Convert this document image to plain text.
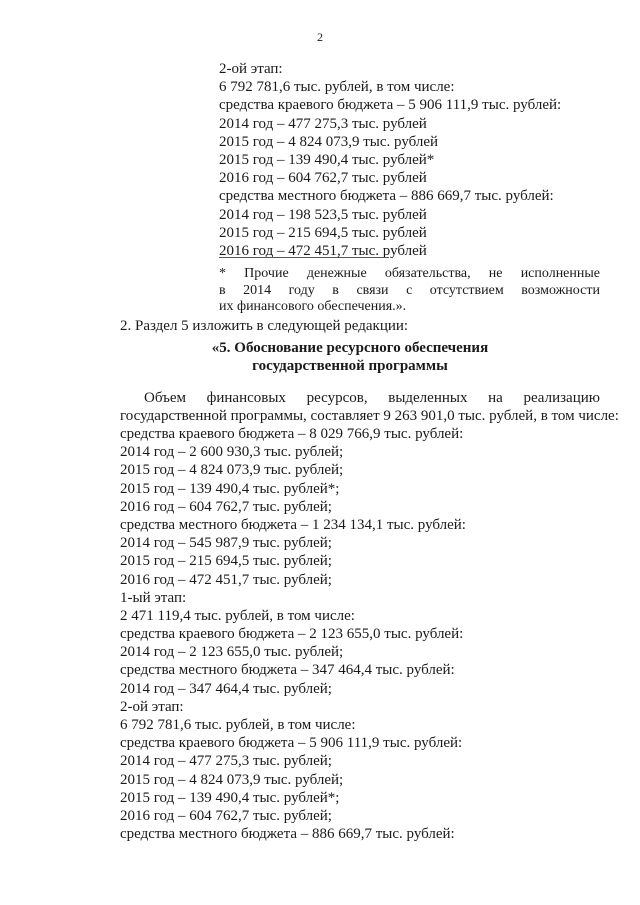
2
2-ой этап:
6 792 781,6 тыс. рублей, в том числе:
средства краевого бюджета – 5 906 111,9 тыс. рублей:
2014 год – 477 275,3 тыс. рублей
2015 год – 4 824 073,9 тыс. рублей
2015 год – 139 490,4 тыс. рублей*
2016 год – 604 762,7 тыс. рублей
средства местного бюджета – 886 669,7 тыс. рублей:
2014 год – 198 523,5 тыс. рублей
2015 год – 215 694,5 тыс. рублей
2016 год – 472 451,7 тыс. рублей
* Прочие денежные обязательства, не исполненные
в 2014 году в связи с отсутствием возможности
их финансового обеспечения.».
2. Раздел 5 изложить в следующей редакции:
«5. Обоснование ресурсного обеспечения
государственной программы
Объем финансовых ресурсов, выделенных на реализацию
государственной программы, составляет 9 263 901,0 тыс. рублей, в том числе:
средства краевого бюджета – 8 029 766,9 тыс. рублей:
2014 год – 2 600 930,3 тыс. рублей;
2015 год – 4 824 073,9 тыс. рублей;
2015 год – 139 490,4 тыс. рублей*;
2016 год – 604 762,7 тыс. рублей;
средства местного бюджета – 1 234 134,1 тыс. рублей:
2014 год – 545 987,9 тыс. рублей;
2015 год – 215 694,5 тыс. рублей;
2016 год – 472 451,7 тыс. рублей;
1-ый этап:
2 471 119,4 тыс. рублей, в том числе:
средства краевого бюджета – 2 123 655,0 тыс. рублей:
2014 год – 2 123 655,0 тыс. рублей;
средства местного бюджета – 347 464,4 тыс. рублей:
2014 год – 347 464,4 тыс. рублей;
2-ой этап:
6 792 781,6 тыс. рублей, в том числе:
средства краевого бюджета – 5 906 111,9 тыс. рублей:
2014 год – 477 275,3 тыс. рублей;
2015 год – 4 824 073,9 тыс. рублей;
2015 год – 139 490,4 тыс. рублей*;
2016 год – 604 762,7 тыс. рублей;
средства местного бюджета – 886 669,7 тыс. рублей:
